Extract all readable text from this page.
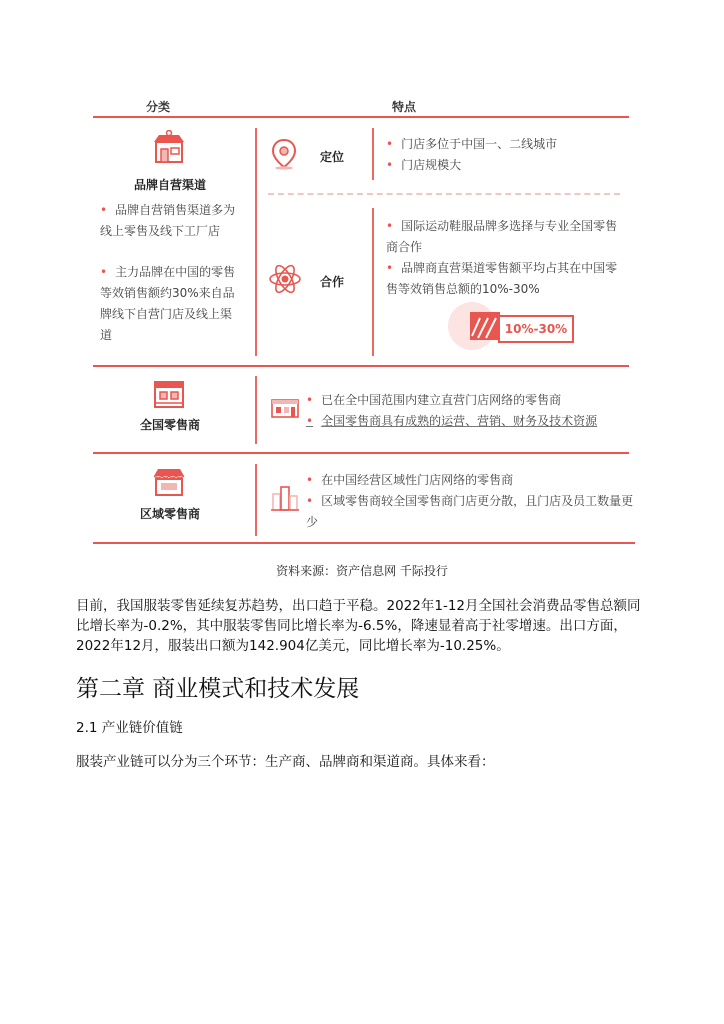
分类	特点
品牌自营渠道
• 品牌自营销售渠道多为线上零售及线下工厂店
• 主力品牌在中国的零售等效销售额约30%来自品牌线下自营门店及线上渠道
定位
• 门店多位于中国一、二线城市
• 门店规模大
合作
• 国际运动鞋服品牌多选择与专业全国零售商合作
• 品牌商直营渠道零售额平均占其在中国零售等效销售总额的10%-30%
10%-30%
全国零售商
• 已在全中国范围内建立直营门店网络的零售商
• 全国零售商具有成熟的运营、营销、财务及技术资源
区域零售商
• 在中国经营区域性门店网络的零售商
• 区域零售商较全国零售商门店更分散，且门店及员工数量更少
资料来源：资产信息网 千际投行
目前，我国服装零售延续复苏趋势，出口趋于平稳。2022年1-12月全国社会消费品零售总额同比增长率为-0.2%，其中服装零售同比增长率为-6.5%，降速显着高于社零增速。出口方面，2022年12月，服装出口额为142.904亿美元，同比增长率为-10.25%。
第二章 商业模式和技术发展
2.1 产业链价值链
服装产业链可以分为三个环节：生产商、品牌商和渠道商。具体来看：
